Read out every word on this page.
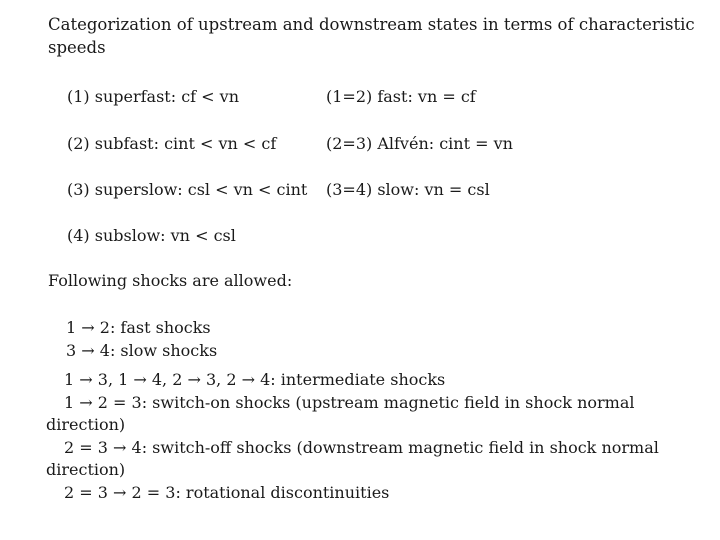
Categorization of upstream and downstream states in terms of characteristic
speeds
(1) superfast: cf < vn	(1=2) fast: vn = cf
(2) subfast: cint < vn < cf	(2=3) Alfvén: cint = vn
(3) superslow: csl < vn < cint (3=4) slow: vn = csl
(4) subslow: vn < csl
Following shocks are allowed:
1 → 2: fast shocks
3 → 4: slow shocks
1 → 3, 1 → 4, 2 → 3, 2 → 4: intermediate shocks
1 → 2 = 3: switch-on shocks (upstream magnetic field in shock normal
direction)
2 = 3 → 4: switch-off shocks (downstream magnetic field in shock normal
direction)
2 = 3 → 2 = 3: rotational discontinuities
